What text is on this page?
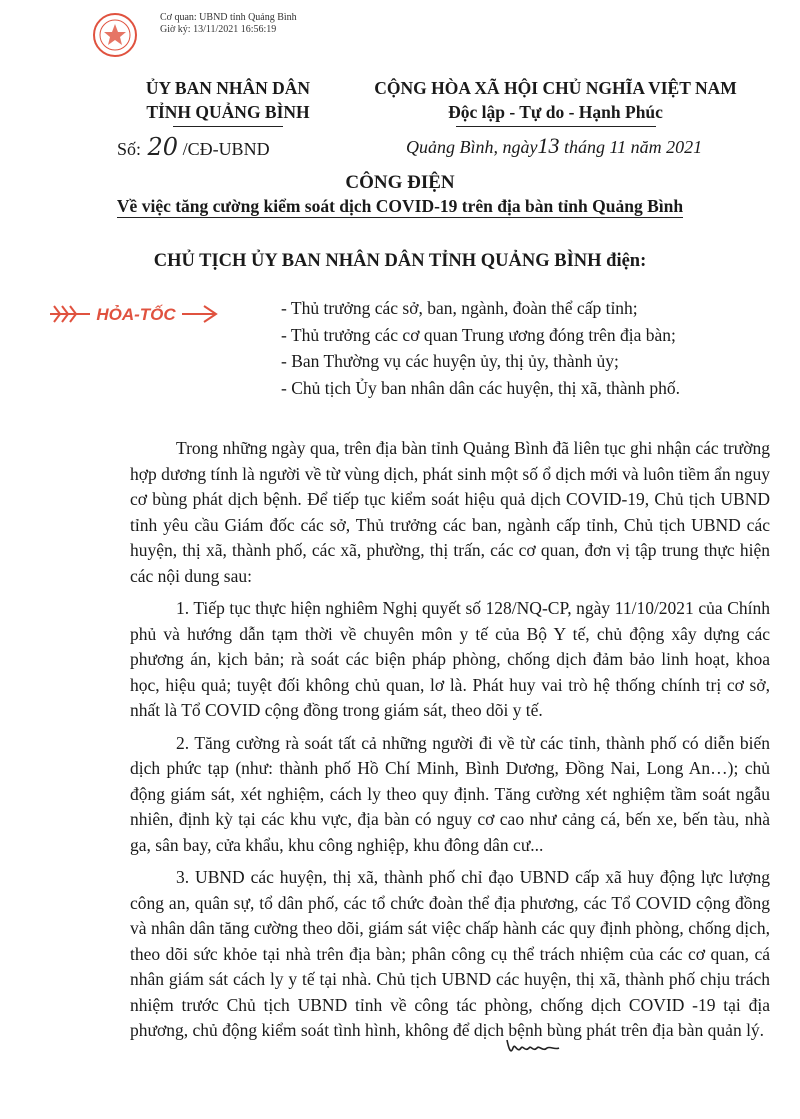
Cơ quan: UBND tỉnh Quảng Bình
Giờ ký: 13/11/2021 16:56:19
ỦY BAN NHÂN DÂN
TỈNH QUẢNG BÌNH
CỘNG HÒA XÃ HỘI CHỦ NGHĨA VIỆT NAM
Độc lập - Tự do - Hạnh Phúc
Số: 20 /CĐ-UBND	Quảng Bình, ngày13 tháng 11 năm 2021
CÔNG ĐIỆN
Về việc tăng cường kiểm soát dịch COVID-19 trên địa bàn tỉnh Quảng Bình
CHỦ TỊCH ỦY BAN NHÂN DÂN TỈNH QUẢNG BÌNH điện:
HỎA-TỐC	- Thủ trưởng các sở, ban, ngành, đoàn thể cấp tỉnh;
- Thủ trưởng các cơ quan Trung ương đóng trên địa bàn;
- Ban Thường vụ các huyện ủy, thị ủy, thành ủy;
- Chủ tịch Ủy ban nhân dân các huyện, thị xã, thành phố.

Trong những ngày qua, trên địa bàn tỉnh Quảng Bình đã liên tục ghi nhận các trường hợp dương tính là người về từ vùng dịch, phát sinh một số ổ dịch mới và luôn tiềm ẩn nguy cơ bùng phát dịch bệnh. Để tiếp tục kiểm soát hiệu quả dịch COVID-19, Chủ tịch UBND tỉnh yêu cầu Giám đốc các sở, Thủ trưởng các ban, ngành cấp tỉnh, Chủ tịch UBND các huyện, thị xã, thành phố, các xã, phường, thị trấn, các cơ quan, đơn vị tập trung thực hiện các nội dung sau:

1. Tiếp tục thực hiện nghiêm Nghị quyết số 128/NQ-CP, ngày 11/10/2021 của Chính phủ và hướng dẫn tạm thời về chuyên môn y tế của Bộ Y tế, chủ động xây dựng các phương án, kịch bản; rà soát các biện pháp phòng, chống dịch đảm bảo linh hoạt, khoa học, hiệu quả; tuyệt đối không chủ quan, lơ là. Phát huy vai trò hệ thống chính trị cơ sở, nhất là Tổ COVID cộng đồng trong giám sát, theo dõi y tế.

2. Tăng cường rà soát tất cả những người đi về từ các tỉnh, thành phố có diễn biến dịch phức tạp (như: thành phố Hồ Chí Minh, Bình Dương, Đồng Nai, Long An…); chủ động giám sát, xét nghiệm, cách ly theo quy định. Tăng cường xét nghiệm tầm soát ngẫu nhiên, định kỳ tại các khu vực, địa bàn có nguy cơ cao như cảng cá, bến xe, bến tàu, nhà ga, sân bay, cửa khẩu, khu công nghiệp, khu đông dân cư...

3. UBND các huyện, thị xã, thành phố chỉ đạo UBND cấp xã huy động lực lượng công an, quân sự, tổ dân phố, các tổ chức đoàn thể địa phương, các Tổ COVID cộng đồng và nhân dân tăng cường theo dõi, giám sát việc chấp hành các quy định phòng, chống dịch, theo dõi sức khỏe tại nhà trên địa bàn; phân công cụ thể trách nhiệm của các cơ quan, cá nhân giám sát cách ly y tế tại nhà. Chủ tịch UBND các huyện, thị xã, thành phố chịu trách nhiệm trước Chủ tịch UBND tỉnh về công tác phòng, chống dịch COVID -19 tại địa phương, chủ động kiểm soát tình hình, không để dịch bệnh bùng phát trên địa bàn quản lý.
